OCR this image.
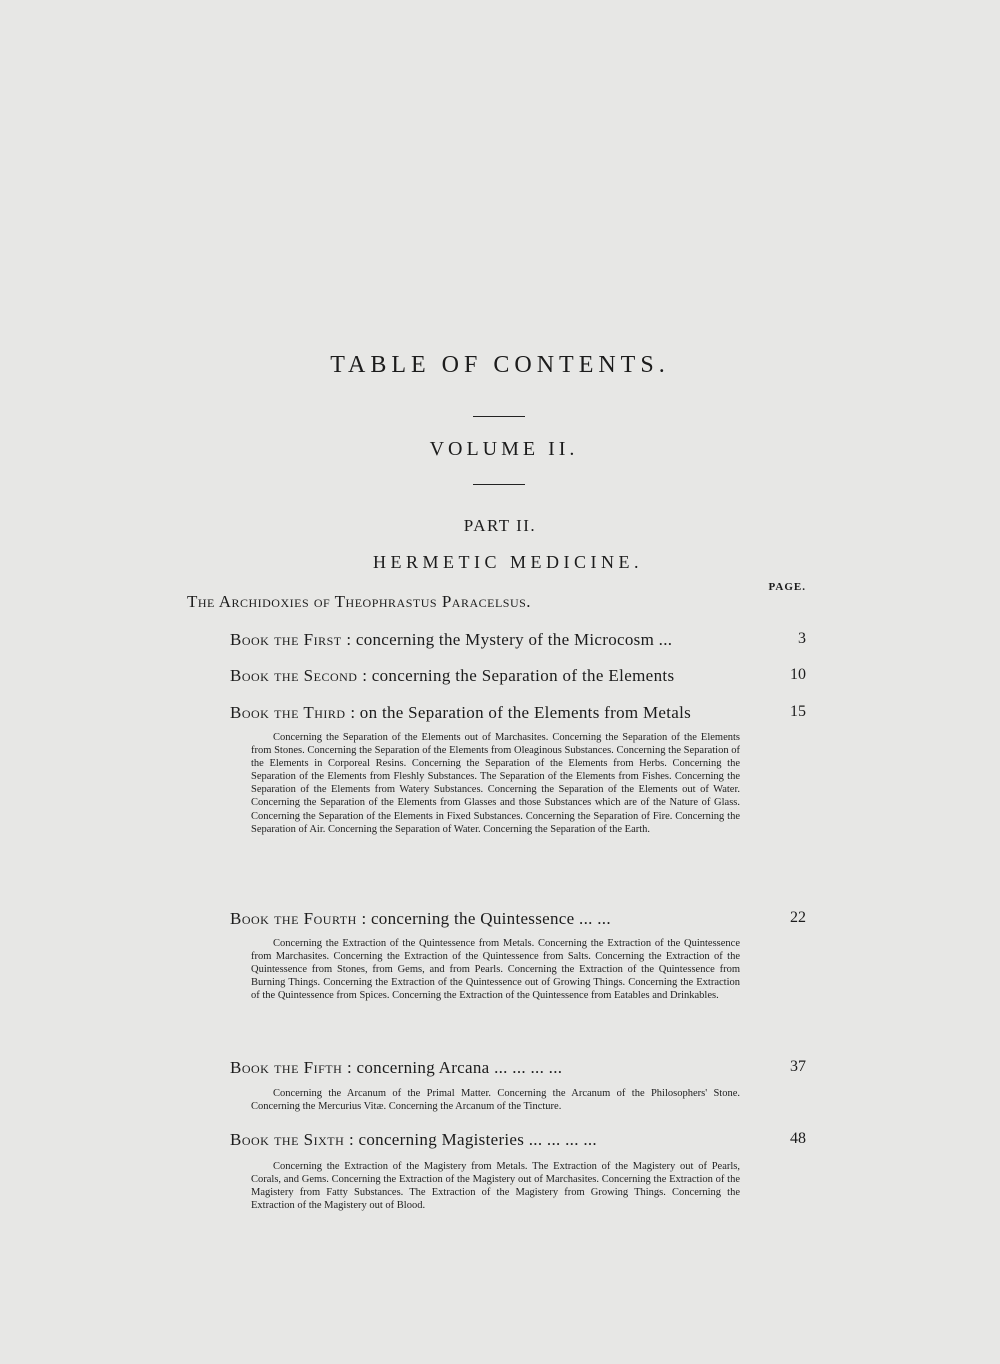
TABLE OF CONTENTS.
VOLUME II.
PART II.
HERMETIC MEDICINE.
PAGE.
The Archidoxies of Theophrastus Paracelsus.
Book the First : concerning the Mystery of the Microcosm ...	3
Book the Second : concerning the Separation of the Elements	10
Book the Third : on the Separation of the Elements from Metals	15
Concerning the Separation of the Elements out of Marchasites. Concerning the Separation of the Elements from Stones. Concerning the Separation of the Elements from Oleaginous Substances. Concerning the Separation of the Elements in Corporeal Resins. Concerning the Separation of the Elements from Herbs. Concerning the Separation of the Elements from Fleshly Substances. The Separation of the Elements from Fishes. Concerning the Separation of the Elements from Watery Substances. Concerning the Separation of the Elements out of Water. Concerning the Separation of the Elements from Glasses and those Substances which are of the Nature of Glass. Concerning the Separation of the Elements in Fixed Substances. Concerning the Separation of Fire. Concerning the Separation of Air. Concerning the Separation of Water. Concerning the Separation of the Earth.
Book the Fourth : concerning the Quintessence ... ...	22
Concerning the Extraction of the Quintessence from Metals. Concerning the Extraction of the Quintessence from Marchasites. Concerning the Extraction of the Quintessence from Salts. Concerning the Extraction of the Quintessence from Stones, from Gems, and from Pearls. Concerning the Extraction of the Quintessence from Burning Things. Concerning the Extraction of the Quintessence out of Growing Things. Concerning the Extraction of the Quintessence from Spices. Concerning the Extraction of the Quintessence from Eatables and Drinkables.
Book the Fifth : concerning Arcana ... ... ... ...	37
Concerning the Arcanum of the Primal Matter. Concerning the Arcanum of the Philosophers' Stone. Concerning the Mercurius Vitæ. Concerning the Arcanum of the Tincture.
Book the Sixth : concerning Magisteries ... ... ... ...	48
Concerning the Extraction of the Magistery from Metals. The Extraction of the Magistery out of Pearls, Corals, and Gems. Concerning the Extraction of the Magistery out of Marchasites. Concerning the Extraction of the Magistery from Fatty Substances. The Extraction of the Magistery from Growing Things. Concerning the Extraction of the Magistery out of Blood.
